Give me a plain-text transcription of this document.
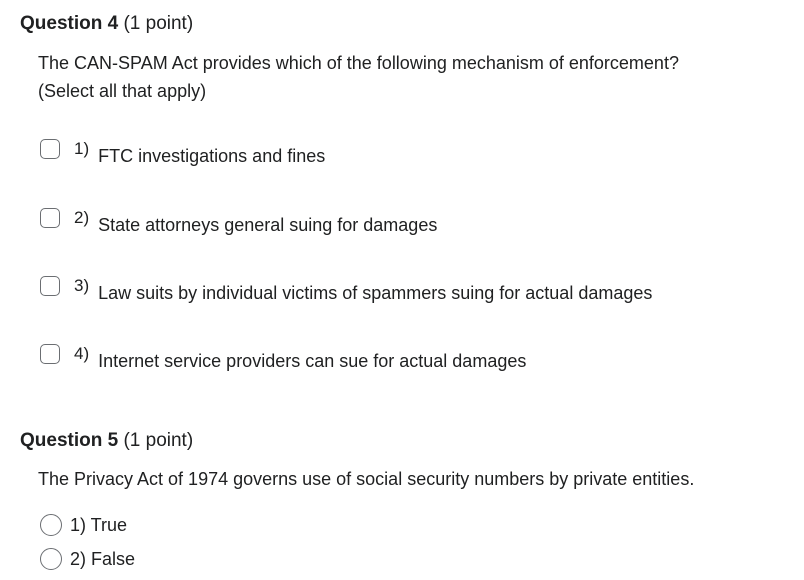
Question 4 (1 point)
The CAN-SPAM Act provides which of the following mechanism of enforcement?
(Select all that apply)
1) FTC investigations and fines
2) State attorneys general suing for damages
3) Law suits by individual victims of spammers suing for actual damages
4) Internet service providers can sue for actual damages
Question 5 (1 point)
The Privacy Act of 1974 governs use of social security numbers by private entities.
1) True
2) False
